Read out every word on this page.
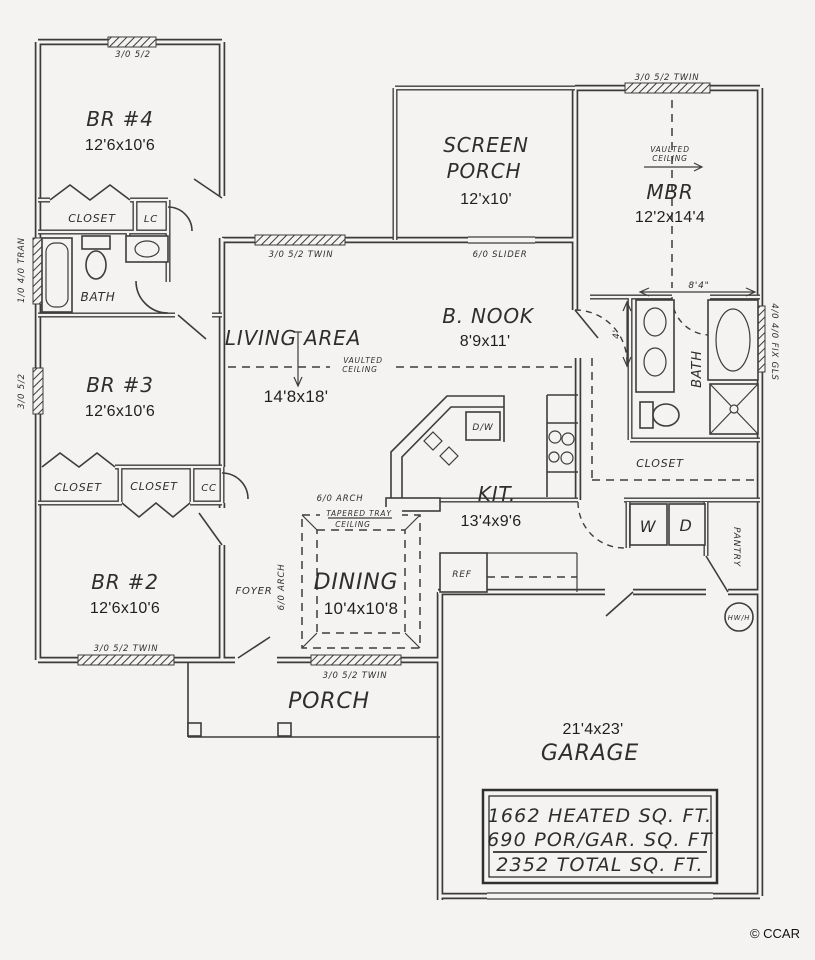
BR #4
12'6x10'6
BR #3
12'6x10'6
BR #2
12'6x10'6
CLOSET	LC
BATH
CLOSET	CLOSET CC
SCREEN
PORCH
12'x10'
VAULTED
CEILING
MBR
12'2x14'4
LIVING AREA
VAULTED
CEILING
14'8x18'
B. NOOK
8'9x11'
KIT.
13'4x9'6
D/W
REF
6/0 ARCH
TAPERED TRAY
CEILING
DINING
10'4x10'8
FOYER 6/0 ARCH
8'4"
4'
BATH
CLOSET
W D
PANTRY
HW/H
PORCH
21'4x23'
GARAGE
3/0 5/2
1/0 4/0 TRAN
3/0 5/2
3/0 5/2 TWIN	6/0 SLIDER
3/0 5/2 TWIN
4/0 4/0 FIX GLS
3/0 5/2 TWIN
3/0 5/2 TWIN
1662 HEATED SQ. FT.
690 POR/GAR. SQ. FT
2352 TOTAL SQ. FT.
© CCAR
